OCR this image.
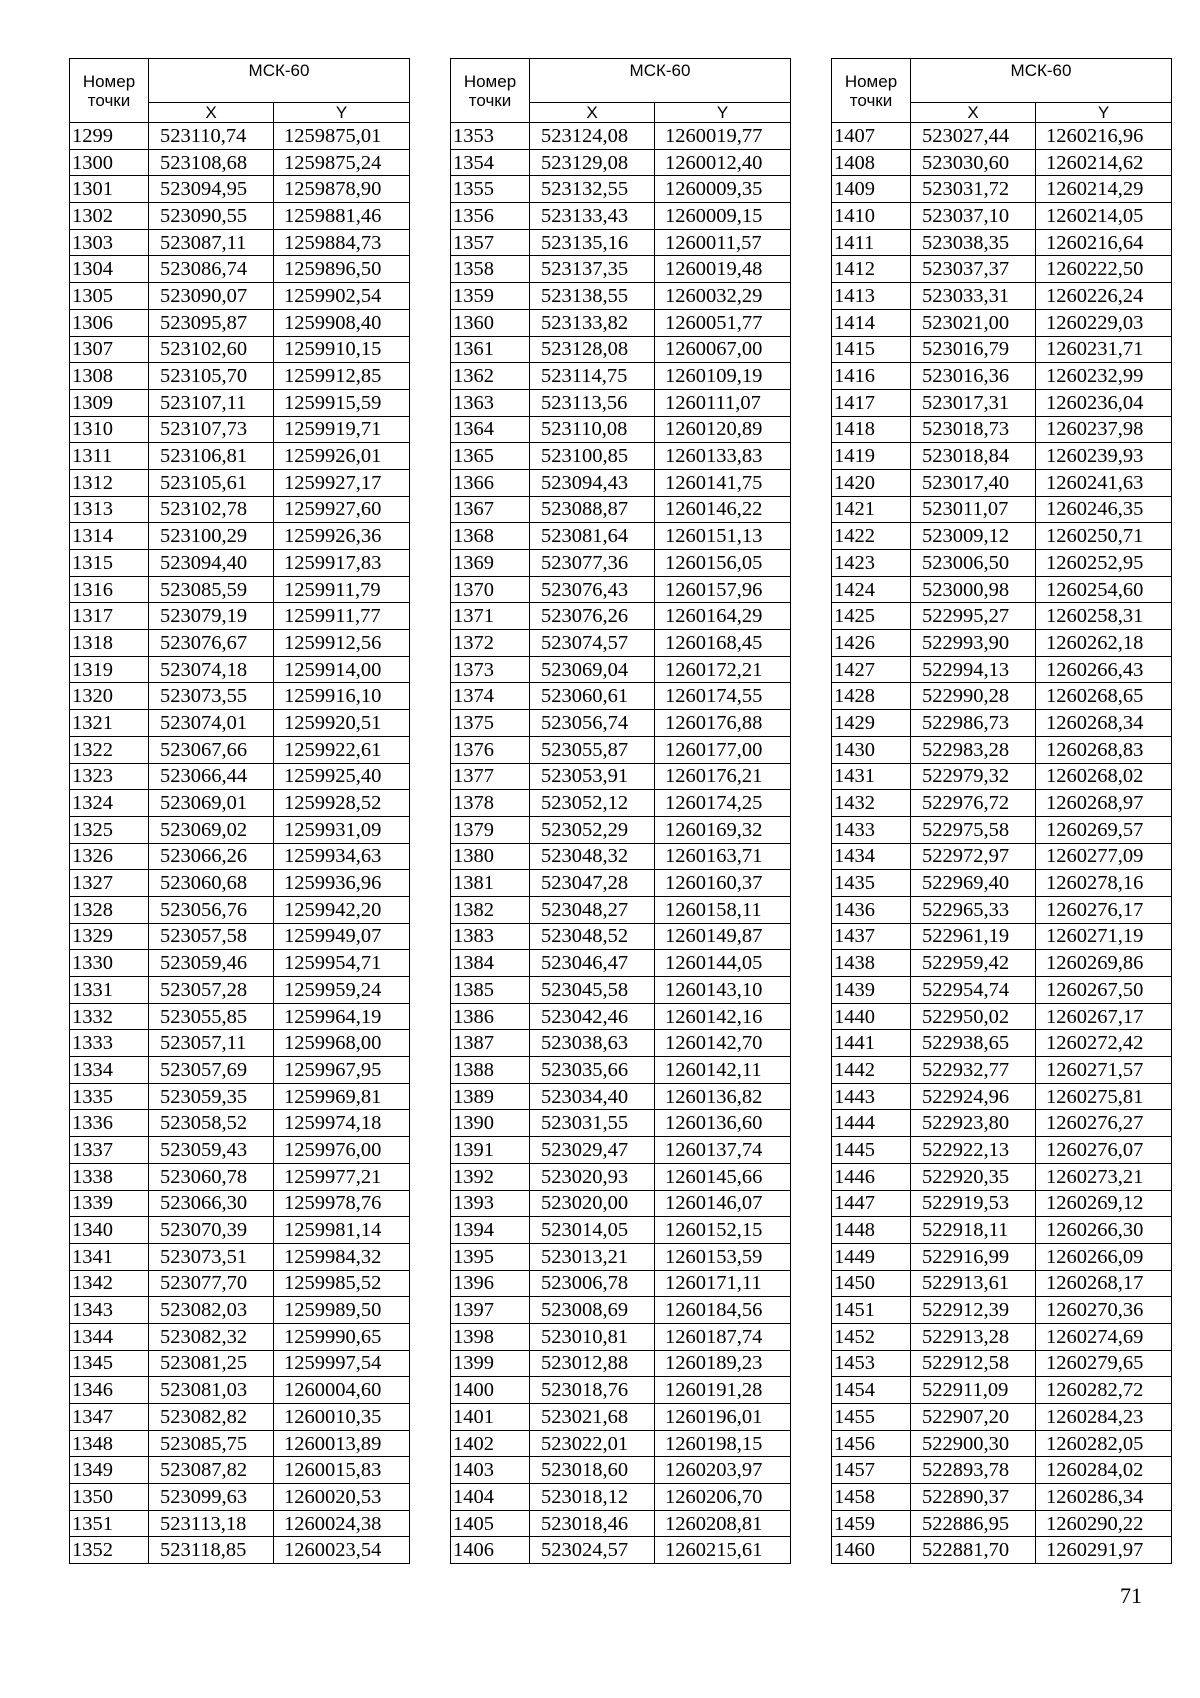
Номер точки	МСК-60	
	X	Y
1299	523110,74	1259875,01
1300	523108,68	1259875,24
1301	523094,95	1259878,90
1302	523090,55	1259881,46
1303	523087,11	1259884,73
1304	523086,74	1259896,50
1305	523090,07	1259902,54
1306	523095,87	1259908,40
1307	523102,60	1259910,15
1308	523105,70	1259912,85
1309	523107,11	1259915,59
1310	523107,73	1259919,71
1311	523106,81	1259926,01
1312	523105,61	1259927,17
1313	523102,78	1259927,60
1314	523100,29	1259926,36
1315	523094,40	1259917,83
1316	523085,59	1259911,79
1317	523079,19	1259911,77
1318	523076,67	1259912,56
1319	523074,18	1259914,00
1320	523073,55	1259916,10
1321	523074,01	1259920,51
1322	523067,66	1259922,61
1323	523066,44	1259925,40
1324	523069,01	1259928,52
1325	523069,02	1259931,09
1326	523066,26	1259934,63
1327	523060,68	1259936,96
1328	523056,76	1259942,20
1329	523057,58	1259949,07
1330	523059,46	1259954,71
1331	523057,28	1259959,24
1332	523055,85	1259964,19
1333	523057,11	1259968,00
1334	523057,69	1259967,95
1335	523059,35	1259969,81
1336	523058,52	1259974,18
1337	523059,43	1259976,00
1338	523060,78	1259977,21
1339	523066,30	1259978,76
1340	523070,39	1259981,14
1341	523073,51	1259984,32
1342	523077,70	1259985,52
1343	523082,03	1259989,50
1344	523082,32	1259990,65
1345	523081,25	1259997,54
1346	523081,03	1260004,60
1347	523082,82	1260010,35
1348	523085,75	1260013,89
1349	523087,82	1260015,83
1350	523099,63	1260020,53
1351	523113,18	1260024,38
1352	523118,85	1260023,54
Номер точки	МСК-60	
	X	Y
1353	523124,08	1260019,77
1354	523129,08	1260012,40
1355	523132,55	1260009,35
1356	523133,43	1260009,15
1357	523135,16	1260011,57
1358	523137,35	1260019,48
1359	523138,55	1260032,29
1360	523133,82	1260051,77
1361	523128,08	1260067,00
1362	523114,75	1260109,19
1363	523113,56	1260111,07
1364	523110,08	1260120,89
1365	523100,85	1260133,83
1366	523094,43	1260141,75
1367	523088,87	1260146,22
1368	523081,64	1260151,13
1369	523077,36	1260156,05
1370	523076,43	1260157,96
1371	523076,26	1260164,29
1372	523074,57	1260168,45
1373	523069,04	1260172,21
1374	523060,61	1260174,55
1375	523056,74	1260176,88
1376	523055,87	1260177,00
1377	523053,91	1260176,21
1378	523052,12	1260174,25
1379	523052,29	1260169,32
1380	523048,32	1260163,71
1381	523047,28	1260160,37
1382	523048,27	1260158,11
1383	523048,52	1260149,87
1384	523046,47	1260144,05
1385	523045,58	1260143,10
1386	523042,46	1260142,16
1387	523038,63	1260142,70
1388	523035,66	1260142,11
1389	523034,40	1260136,82
1390	523031,55	1260136,60
1391	523029,47	1260137,74
1392	523020,93	1260145,66
1393	523020,00	1260146,07
1394	523014,05	1260152,15
1395	523013,21	1260153,59
1396	523006,78	1260171,11
1397	523008,69	1260184,56
1398	523010,81	1260187,74
1399	523012,88	1260189,23
1400	523018,76	1260191,28
1401	523021,68	1260196,01
1402	523022,01	1260198,15
1403	523018,60	1260203,97
1404	523018,12	1260206,70
1405	523018,46	1260208,81
1406	523024,57	1260215,61
Номер точки	МСК-60	
	X	Y
1407	523027,44	1260216,96
1408	523030,60	1260214,62
1409	523031,72	1260214,29
1410	523037,10	1260214,05
1411	523038,35	1260216,64
1412	523037,37	1260222,50
1413	523033,31	1260226,24
1414	523021,00	1260229,03
1415	523016,79	1260231,71
1416	523016,36	1260232,99
1417	523017,31	1260236,04
1418	523018,73	1260237,98
1419	523018,84	1260239,93
1420	523017,40	1260241,63
1421	523011,07	1260246,35
1422	523009,12	1260250,71
1423	523006,50	1260252,95
1424	523000,98	1260254,60
1425	522995,27	1260258,31
1426	522993,90	1260262,18
1427	522994,13	1260266,43
1428	522990,28	1260268,65
1429	522986,73	1260268,34
1430	522983,28	1260268,83
1431	522979,32	1260268,02
1432	522976,72	1260268,97
1433	522975,58	1260269,57
1434	522972,97	1260277,09
1435	522969,40	1260278,16
1436	522965,33	1260276,17
1437	522961,19	1260271,19
1438	522959,42	1260269,86
1439	522954,74	1260267,50
1440	522950,02	1260267,17
1441	522938,65	1260272,42
1442	522932,77	1260271,57
1443	522924,96	1260275,81
1444	522923,80	1260276,27
1445	522922,13	1260276,07
1446	522920,35	1260273,21
1447	522919,53	1260269,12
1448	522918,11	1260266,30
1449	522916,99	1260266,09
1450	522913,61	1260268,17
1451	522912,39	1260270,36
1452	522913,28	1260274,69
1453	522912,58	1260279,65
1454	522911,09	1260282,72
1455	522907,20	1260284,23
1456	522900,30	1260282,05
1457	522893,78	1260284,02
1458	522890,37	1260286,34
1459	522886,95	1260290,22
1460	522881,70	1260291,97
71
